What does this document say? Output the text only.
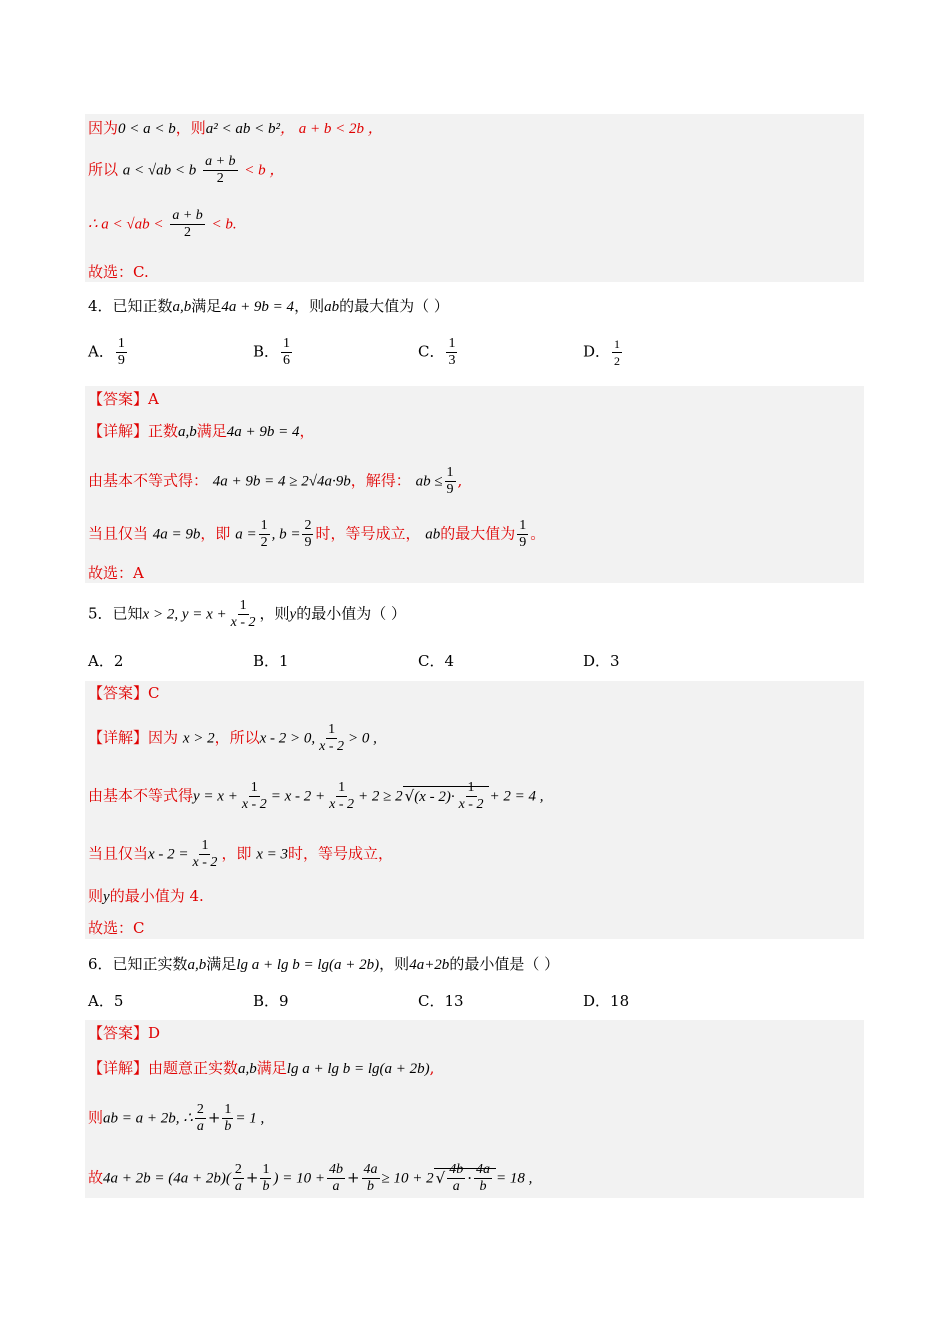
因为0 < a < b，则a² < ab < b²， a + b < 2b ，
所以 a < √ab < b $\frac{a + b}{2} < b$ ，
∴ $a < √ab < \frac{a + b}{2} < b$.
故选：C.
4．已知正数a,b满足4a + 9b = 4，则ab的最大值为（ ）
A． $\frac{1}{9}$	B． $\frac{1}{6}$	C． $\frac{1}{3}$	D． $\frac{1}{2}$
【答案】A
【详解】正数a,b满足4a + 9b = 4，
由基本不等式得： 4a + 9b = 4 ≥ 2√4a·9b，解得： ab ≤ $\frac{1}{9}$ ,
当且仅当 4a = 9b，即 $a = \frac{1}{2}$ , $b = \frac{2}{9}$ 时，等号成立， ab的最大值为 $\frac{1}{9}$ 。
故选：A
5．已知x > 2, $y = x + \frac{1}{x - 2}$ ，则y的最小值为（ ）
A．2	B．1	C．4	D．3
【答案】C
【详解】因为 x > 2，所以x - 2 > 0, $\frac{1}{x - 2} > 0$ ,
由基本不等式得$y = x + \frac{1}{x - 2} = x - 2 + \frac{1}{x - 2} + 2 \ge 2$ $√(x - 2)\cdot \frac{1}{x - 2} + 2 = 4$ ,
当且仅当$x - 2 = \frac{1}{x - 2}$ ，即 x = 3时，等号成立，
则y的最小值为 4.
故选：C
6．已知正实数a,b满足lg a + lg b = lg(a + 2b)，则4a+2b的最小值是（ ）
A．5	B．9	C．13	D．18
【答案】D
【详解】由题意正实数a,b满足lg a + lg b = lg(a + 2b),
则ab = a + 2b, ∴ $\frac{2}{a} + \frac{1}{b} = 1$ ,
故$4a + 2b = (4a + 2b)( \frac{2}{a} + \frac{1}{b}$ ) = $10 + \frac{4b}{a} + \frac{4a}{b} \ge 10 + 2$ √ $\frac{4b}{a} \cdot \frac{4a}{b} = 18$ ,
